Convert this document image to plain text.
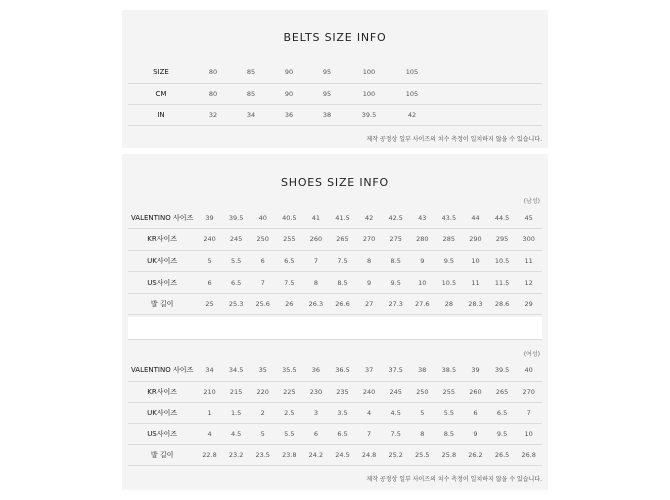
BELTS SIZE INFO
SIZE	80	85	90	95	100	105	
CM	80	85	90	95	100	105	
IN	32	34	36	38	39.5	42	
제작 공정상 일부 사이즈의 치수 측정이 일치하지 않을 수 있습니다.
SHOES SIZE INFO
(남성)
VALENTINO 사이즈	39	39.5	40	40.5	41	41.5	42	42.5	43	43.5	44	44.5	45
KR사이즈	240	245	250	255	260	265	270	275	280	285	290	295	300
UK사이즈	5	5.5	6	6.5	7	7.5	8	8.5	9	9.5	10	10.5	11
US사이즈	6	6.5	7	7.5	8	8.5	9	9.5	10	10.5	11	11.5	12
발 길이	25	25.3	25.6	26	26.3	26.6	27	27.3	27.6	28	28.3	28.6	29
(여성)
VALENTINO 사이즈	34	34.5	35	35.5	36	36.5	37	37.5	38	38.5	39	39.5	40
KR사이즈	210	215	220	225	230	235	240	245	250	255	260	265	270
UK사이즈	1	1.5	2	2.5	3	3.5	4	4.5	5	5.5	6	6.5	7
US사이즈	4	4.5	5	5.5	6	6.5	7	7.5	8	8.5	9	9.5	10
발 길이	22.8	23.2	23.5	23.8	24.2	24.5	24.8	25.2	25.5	25.8	26.2	26.5	26.8
제작 공정상 일부 사이즈의 치수 측정이 일치하지 않을 수 있습니다.
